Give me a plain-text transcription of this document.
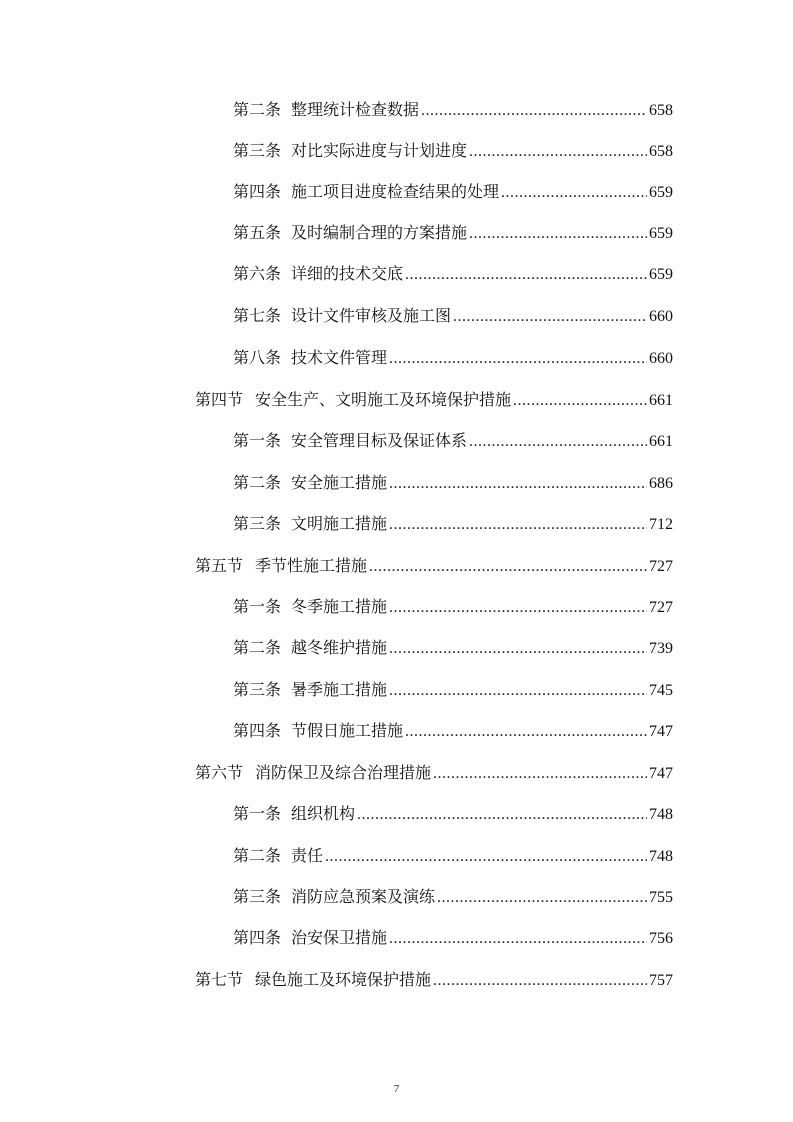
第二条 整理统计检查数据 .....	658
第三条 对比实际进度与计划进度 .....	658
第四条 施工项目进度检查结果的处理 .....	659
第五条 及时编制合理的方案措施 .....	659
第六条 详细的技术交底 .....	659
第七条 设计文件审核及施工图 .....	660
第八条 技术文件管理 .....	660
第四节 安全生产、文明施工及环境保护措施 .....	661
第一条 安全管理目标及保证体系 .....	661
第二条 安全施工措施 .....	686
第三条 文明施工措施 .....	712
第五节 季节性施工措施 .....	727
第一条 冬季施工措施 .....	727
第二条 越冬维护措施 .....	739
第三条 暑季施工措施 .....	745
第四条 节假日施工措施 .....	747
第六节 消防保卫及综合治理措施 .....	747
第一条 组织机构 .....	748
第二条 责任 .....	748
第三条 消防应急预案及演练 .....	755
第四条 治安保卫措施 .....	756
第七节 绿色施工及环境保护措施 .....	757
7
